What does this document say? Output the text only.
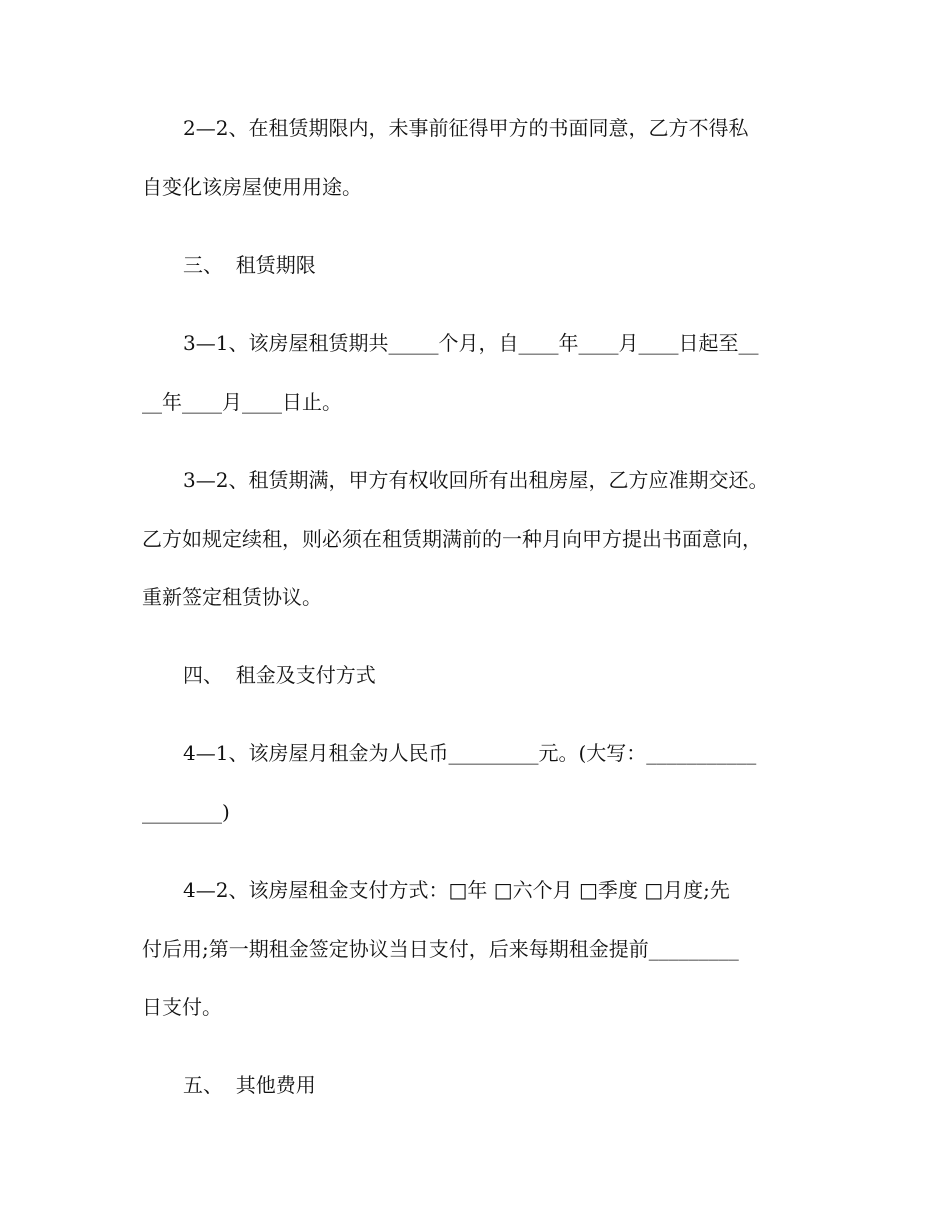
2—2、在租赁期限内，未事前征得甲方的书面同意，乙方不得私

自变化该房屋使用用途。

三、  租赁期限

3—1、该房屋租赁期共_____个月，自____年____月____日起至__

__年____月____日止。

3—2、租赁期满，甲方有权收回所有出租房屋，乙方应准期交还。

乙方如规定续租，则必须在租赁期满前的一种月向甲方提出书面意向，

重新签定租赁协议。

四、  租金及支付方式

4—1、该房屋月租金为人民币_________元。(大写：___________

________)

4—2、该房屋租金支付方式：□年 □六个月 □季度 □月度;先

付后用;第一期租金签定协议当日支付，后来每期租金提前_________

日支付。

五、  其他费用
